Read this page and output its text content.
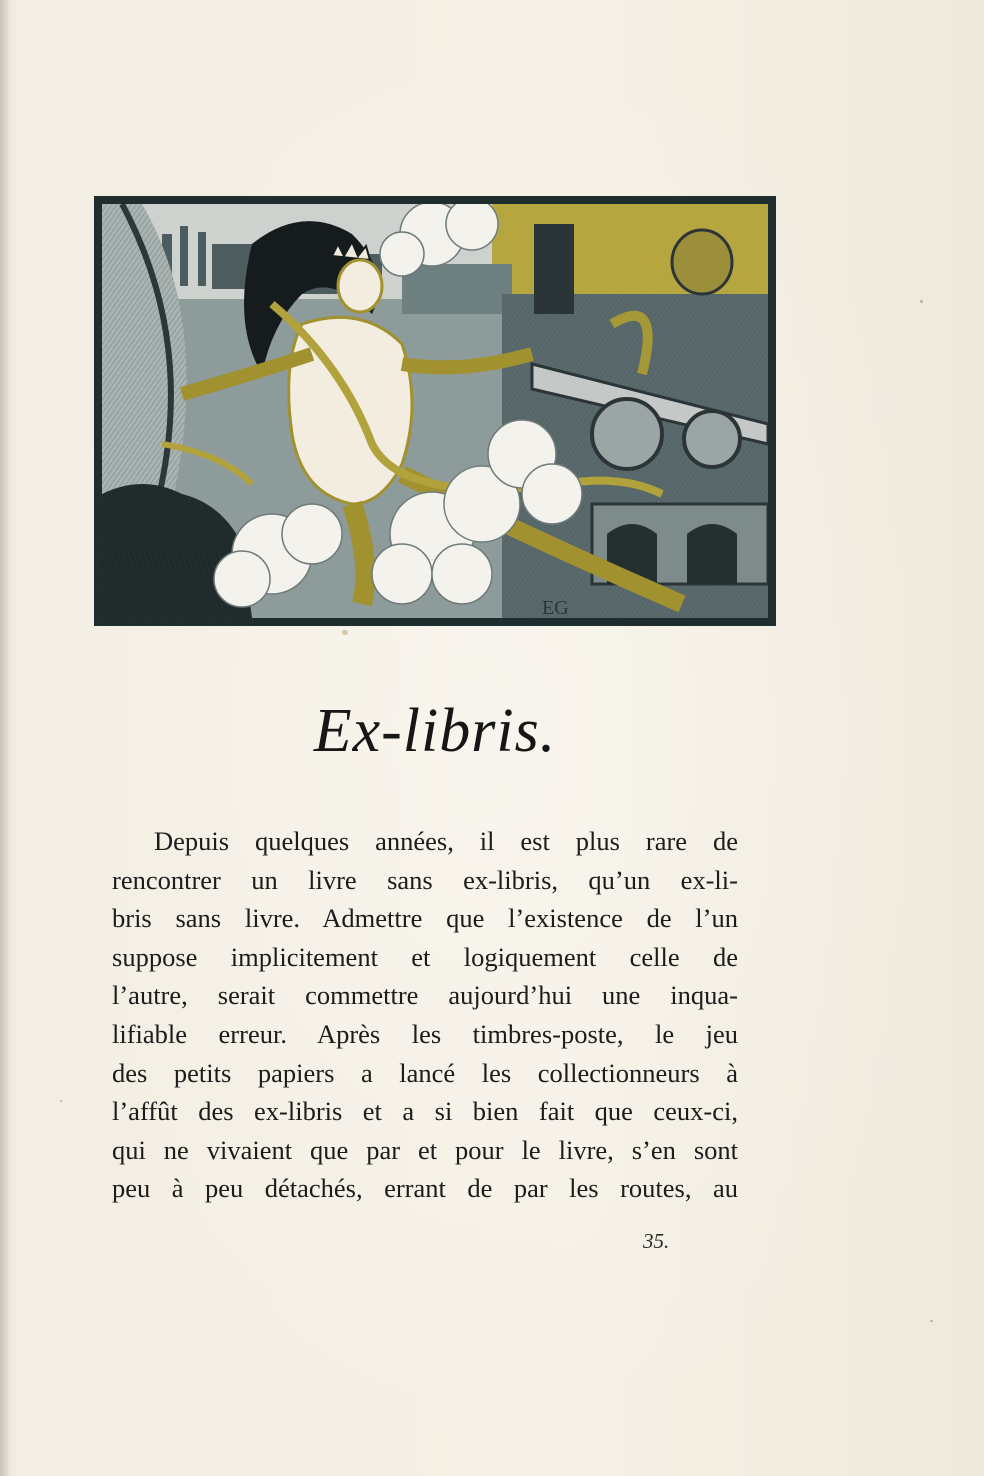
EG
Ex-libris.
Depuis quelques années, il est plus rare de
rencontrer un livre sans ex-libris, qu’un ex-li-
bris sans livre. Admettre que l’existence de l’un
suppose implicitement et logiquement celle de
l’autre, serait commettre aujourd’hui une inqua-
lifiable erreur. Après les timbres-poste, le jeu
des petits papiers a lancé les collectionneurs à
l’affût des ex-libris et a si bien fait que ceux-ci,
qui ne vivaient que par et pour le livre, s’en sont
peu à peu détachés, errant de par les routes, au
35.
